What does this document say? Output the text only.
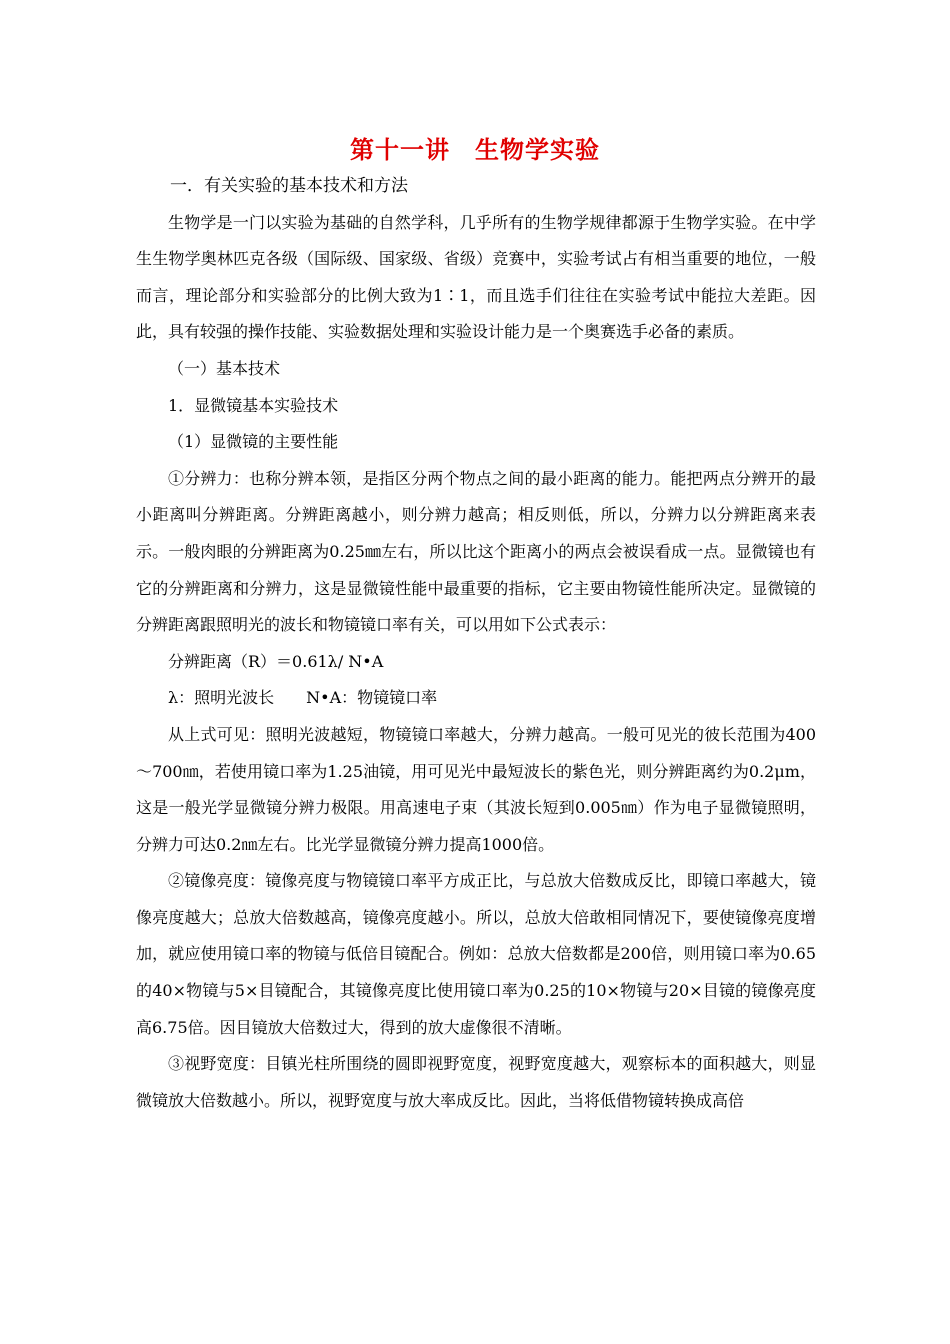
第十一讲　生物学实验

一．有关实验的基本技术和方法

生物学是一门以实验为基础的自然学科，几乎所有的生物学规律都源于生物学实验。在中学生生物学奥林匹克各级（国际级、国家级、省级）竞赛中，实验考试占有相当重要的地位，一般而言，理论部分和实验部分的比例大致为1∶1，而且选手们往往在实验考试中能拉大差距。因此，具有较强的操作技能、实验数据处理和实验设计能力是一个奥赛选手必备的素质。

（一）基本技术

1．显微镜基本实验技术

（1）显微镜的主要性能

①分辨力：也称分辨本领，是指区分两个物点之间的最小距离的能力。能把两点分辨开的最小距离叫分辨距离。分辨距离越小，则分辨力越高；相反则低，所以，分辨力以分辨距离来表示。一般肉眼的分辨距离为0.25㎜左右，所以比这个距离小的两点会被误看成一点。显微镜也有它的分辨距离和分辨力，这是显微镜性能中最重要的指标，它主要由物镜性能所决定。显微镜的分辨距离跟照明光的波长和物镜镜口率有关，可以用如下公式表示：

分辨距离（R）＝0.61λ/ N•A

λ：照明光波长　　N•A：物镜镜口率

从上式可见：照明光波越短，物镜镜口率越大，分辨力越高。一般可见光的彼长范围为400～700㎚，若使用镜口率为1.25油镜，用可见光中最短波长的紫色光，则分辨距离约为0.2μm，这是一般光学显微镜分辨力极限。用高速电子束（其波长短到0.005㎚）作为电子显微镜照明，分辨力可达0.2㎚左右。比光学显微镜分辨力提高1000倍。

②镜像亮度：镜像亮度与物镜镜口率平方成正比，与总放大倍数成反比，即镜口率越大，镜像亮度越大；总放大倍数越高，镜像亮度越小。所以，总放大倍敢相同情况下，要使镜像亮度增加，就应使用镜口率的物镜与低倍目镜配合。例如：总放大倍数都是200倍，则用镜口率为0.65的40×物镜与5×目镜配合，其镜像亮度比使用镜口率为0.25的10×物镜与20×目镜的镜像亮度高6.75倍。因目镜放大倍数过大，得到的放大虚像很不清晰。

③视野宽度：目镇光柱所围绕的圆即视野宽度，视野宽度越大，观察标本的面积越大，则显微镜放大倍数越小。所以，视野宽度与放大率成反比。因此，当将低借物镜转换成高倍
